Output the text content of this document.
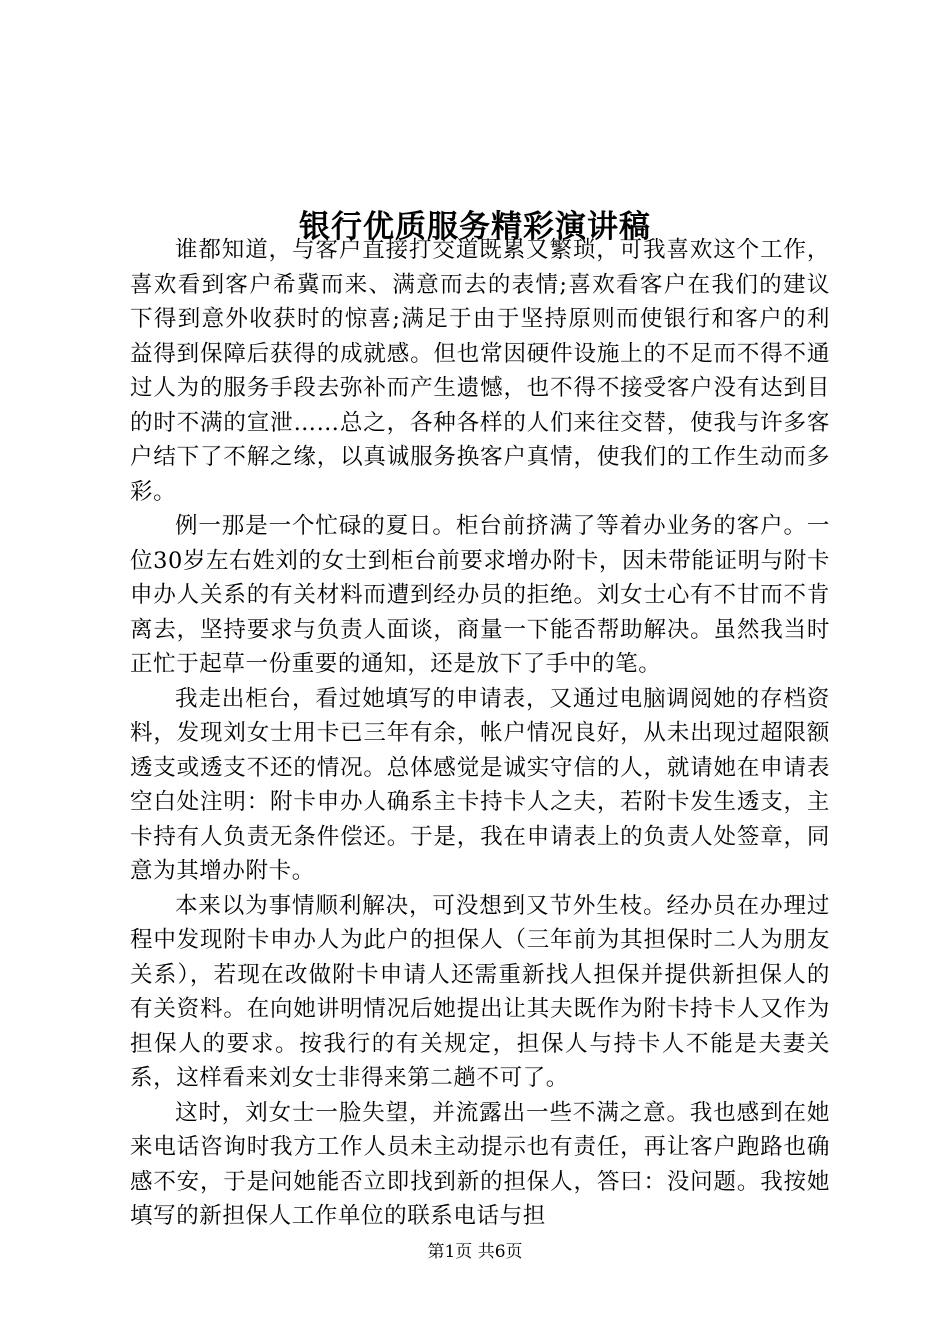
银行优质服务精彩演讲稿

谁都知道，与客户直接打交道既累又繁琐，可我喜欢这个工作，喜欢看到客户希冀而来、满意而去的表情;喜欢看客户在我们的建议下得到意外收获时的惊喜;满足于由于坚持原则而使银行和客户的利益得到保障后获得的成就感。但也常因硬件设施上的不足而不得不通过人为的服务手段去弥补而产生遗憾，也不得不接受客户没有达到目的时不满的宣泄……总之，各种各样的人们来往交替，使我与许多客户结下了不解之缘，以真诚服务换客户真情，使我们的工作生动而多彩。

例一那是一个忙碌的夏日。柜台前挤满了等着办业务的客户。一位30岁左右姓刘的女士到柜台前要求增办附卡，因未带能证明与附卡申办人关系的有关材料而遭到经办员的拒绝。刘女士心有不甘而不肯离去，坚持要求与负责人面谈，商量一下能否帮助解决。虽然我当时正忙于起草一份重要的通知，还是放下了手中的笔。

我走出柜台，看过她填写的申请表，又通过电脑调阅她的存档资料，发现刘女士用卡已三年有余，帐户情况良好，从未出现过超限额透支或透支不还的情况。总体感觉是诚实守信的人，就请她在申请表空白处注明：附卡申办人确系主卡持卡人之夫，若附卡发生透支，主卡持有人负责无条件偿还。于是，我在申请表上的负责人处签章，同意为其增办附卡。

本来以为事情顺利解决，可没想到又节外生枝。经办员在办理过程中发现附卡申办人为此户的担保人（三年前为其担保时二人为朋友关系），若现在改做附卡申请人还需重新找人担保并提供新担保人的有关资料。在向她讲明情况后她提出让其夫既作为附卡持卡人又作为担保人的要求。按我行的有关规定，担保人与持卡人不能是夫妻关系，这样看来刘女士非得来第二趟不可了。

这时，刘女士一脸失望，并流露出一些不满之意。我也感到在她来电话咨询时我方工作人员未主动提示也有责任，再让客户跑路也确感不安，于是问她能否立即找到新的担保人，答曰：没问题。我按她填写的新担保人工作单位的联系电话与担

第1页 共6页
